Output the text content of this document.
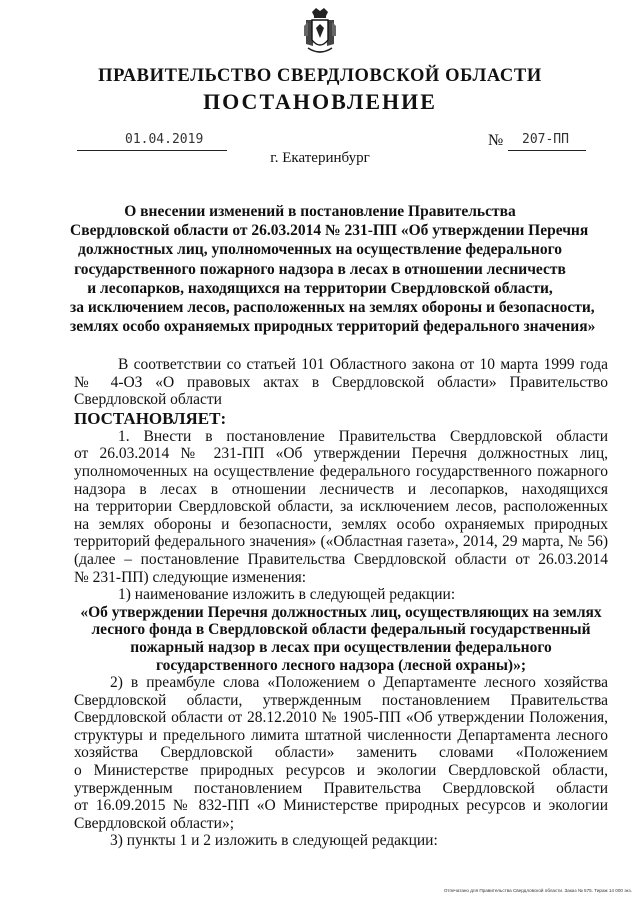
ПРАВИТЕЛЬСТВО СВЕРДЛОВСКОЙ ОБЛАСТИ
ПОСТАНОВЛЕНИЕ
01.04.2019	№ 207-ПП
г. Екатеринбург
О внесении изменений в постановление Правительства
Свердловской области от 26.03.2014 № 231-ПП «Об утверждении Перечня
должностных лиц, уполномоченных на осуществление федерального
государственного пожарного надзора в лесах в отношении лесничеств
и лесопарков, находящихся на территории Свердловской области,
за исключением лесов, расположенных на землях обороны и безопасности,
землях особо охраняемых природных территорий федерального значения»
В соответствии со статьей 101 Областного закона от 10 марта 1999 года
№ 4-ОЗ «О правовых актах в Свердловской области» Правительство
Свердловской области
ПОСТАНОВЛЯЕТ:
1. Внести в постановление Правительства Свердловской области
от 26.03.2014 № 231-ПП «Об утверждении Перечня должностных лиц,
уполномоченных на осуществление федерального государственного пожарного
надзора в лесах в отношении лесничеств и лесопарков, находящихся
на территории Свердловской области, за исключением лесов, расположенных
на землях обороны и безопасности, землях особо охраняемых природных
территорий федерального значения» («Областная газета», 2014, 29 марта, № 56)
(далее – постановление Правительства Свердловской области от 26.03.2014
№ 231-ПП) следующие изменения:
1) наименование изложить в следующей редакции:
«Об утверждении Перечня должностных лиц, осуществляющих на землях
лесного фонда в Свердловской области федеральный государственный
пожарный надзор в лесах при осуществлении федерального
государственного лесного надзора (лесной охраны)»;
2) в преамбуле слова «Положением о Департаменте лесного хозяйства
Свердловской области, утвержденным постановлением Правительства
Свердловской области от 28.12.2010 № 1905-ПП «Об утверждении Положения,
структуры и предельного лимита штатной численности Департамента лесного
хозяйства Свердловской области» заменить словами «Положением
о Министерстве природных ресурсов и экологии Свердловской области,
утвержденным постановлением Правительства Свердловской области
от 16.09.2015 № 832-ПП «О Министерстве природных ресурсов и экологии
Свердловской области»;
3) пункты 1 и 2 изложить в следующей редакции:
Отпечатано для Правительства Свердловской области. Заказ № 575. Тираж 14 000 экз.
